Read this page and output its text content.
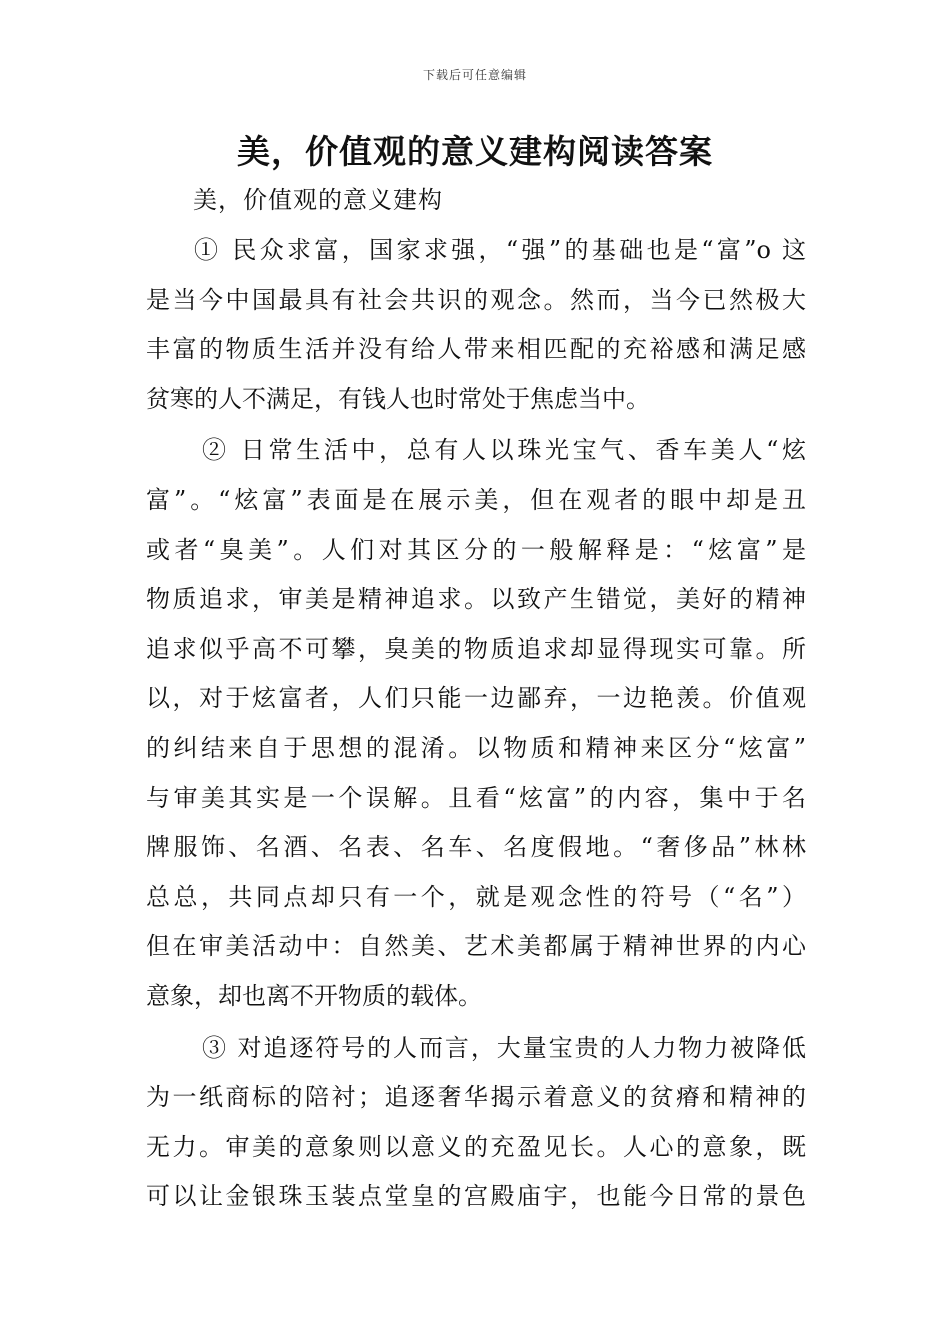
下载后可任意编辑
美，价值观的意义建构阅读答案
美，价值观的意义建构
① 民众求富，国家求强，“强”的基础也是“富”o 这
是当今中国最具有社会共识的观念。然而，当今已然极大
丰富的物质生活并没有给人带来相匹配的充裕感和满足感
贫寒的人不满足，有钱人也时常处于焦虑当中。
② 日常生活中，总有人以珠光宝气、香车美人“炫
富”。“炫富”表面是在展示美，但在观者的眼中却是丑
或者“臭美”。人们对其区分的一般解释是：“炫富”是
物质追求，审美是精神追求。以致产生错觉，美好的精神
追求似乎高不可攀，臭美的物质追求却显得现实可靠。所
以，对于炫富者，人们只能一边鄙弃，一边艳羡。价值观
的纠结来自于思想的混淆。以物质和精神来区分“炫富”
与审美其实是一个误解。且看“炫富”的内容，集中于名
牌服饰、名酒、名表、名车、名度假地。“奢侈品”林林
总总，共同点却只有一个，就是观念性的符号（“名”）
但在审美活动中：自然美、艺术美都属于精神世界的内心
意象，却也离不开物质的载体。
③ 对追逐符号的人而言，大量宝贵的人力物力被降低
为一纸商标的陪衬；追逐奢华揭示着意义的贫瘠和精神的
无力。审美的意象则以意义的充盈见长。人心的意象，既
可以让金银珠玉装点堂皇的宫殿庙宇，也能今日常的景色
